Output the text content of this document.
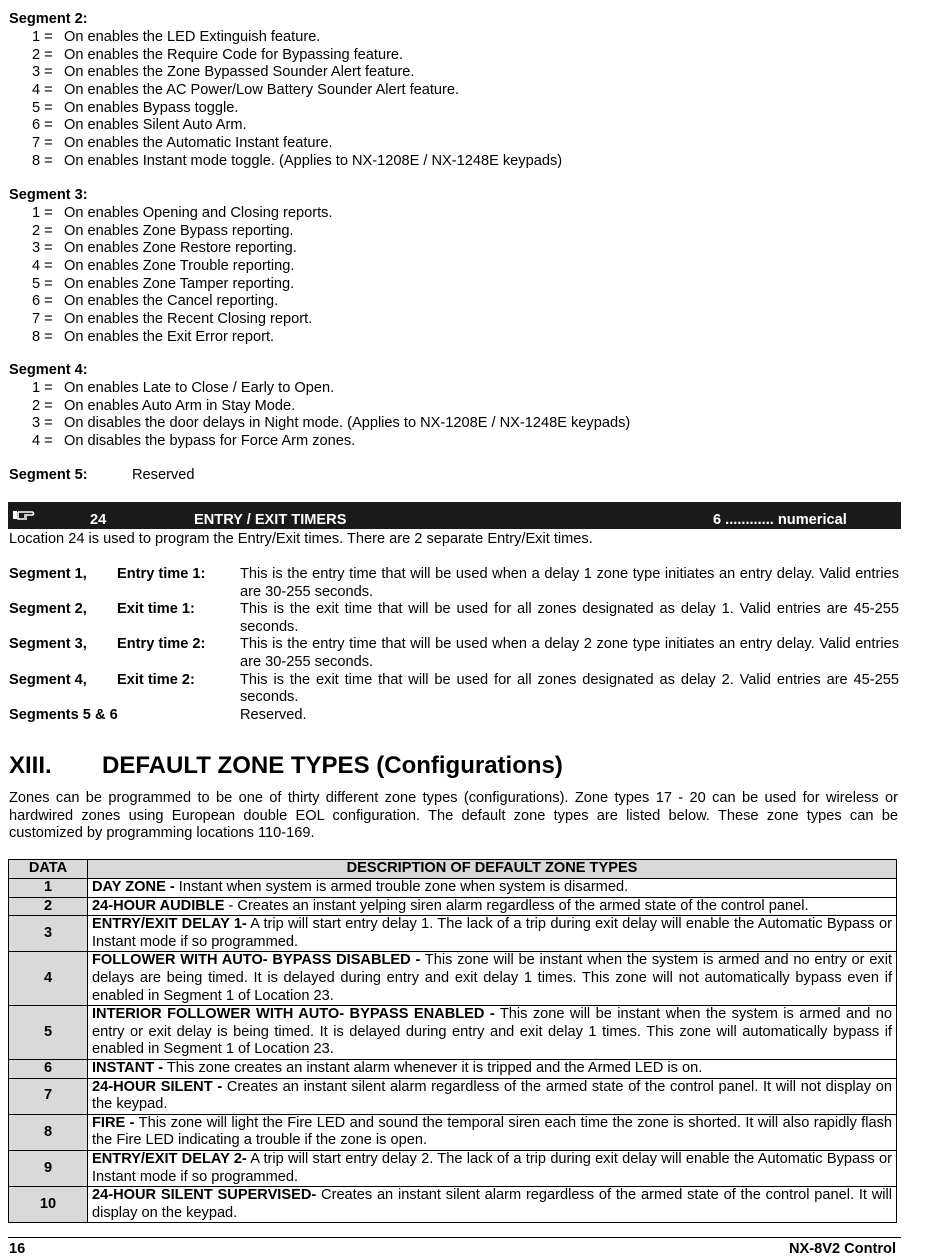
Segment 2:
1 = On enables the LED Extinguish feature.
2 = On enables the Require Code for Bypassing feature.
3 = On enables the Zone Bypassed Sounder Alert feature.
4 = On enables the AC Power/Low Battery Sounder Alert feature.
5 = On enables Bypass toggle.
6 = On enables Silent Auto Arm.
7 = On enables the Automatic Instant feature.
8 = On enables Instant mode toggle. (Applies to NX-1208E / NX-1248E keypads)
Segment 3:
1 = On enables Opening and Closing reports.
2 = On enables Zone Bypass reporting.
3 = On enables Zone Restore reporting.
4 = On enables Zone Trouble reporting.
5 = On enables Zone Tamper reporting.
6 = On enables the Cancel reporting.
7 = On enables the Recent Closing report.
8 = On enables the Exit Error report.
Segment 4:
1 = On enables Late to Close / Early to Open.
2 = On enables Auto Arm in Stay Mode.
3 = On disables the door delays in Night mode. (Applies to NX-1208E / NX-1248E keypads)
4 = On disables the bypass for Force Arm zones.
Segment 5:	Reserved
24	ENTRY / EXIT TIMERS	6 ............ numerical
Location 24 is used to program the Entry/Exit times. There are 2 separate Entry/Exit times.
Segment 1, Entry time 1: This is the entry time that will be used when a delay 1 zone type initiates an entry delay. Valid entries are 30-255 seconds.
Segment 2, Exit time 1:	This is the exit time that will be used for all zones designated as delay 1. Valid entries are 45-255 seconds.
Segment 3, Entry time 2: This is the entry time that will be used when a delay 2 zone type initiates an entry delay. Valid entries are 30-255 seconds.
Segment 4, Exit time 2:	This is the exit time that will be used for all zones designated as delay 2. Valid entries are 45-255 seconds.
Segments 5 & 6	Reserved.
XIII. DEFAULT ZONE TYPES (Configurations)
Zones can be programmed to be one of thirty different zone types (configurations). Zone types 17 - 20 can be used for wireless or hardwired zones using European double EOL configuration. The default zone types are listed below. These zone types can be customized by programming locations 110-169.
DATA	DESCRIPTION OF DEFAULT ZONE TYPES
1	DAY ZONE - Instant when system is armed trouble zone when system is disarmed.
2	24-HOUR AUDIBLE - Creates an instant yelping siren alarm regardless of the armed state of the control panel.
3	ENTRY/EXIT DELAY 1- A trip will start entry delay 1. The lack of a trip during exit delay will enable the Automatic Bypass or Instant mode if so programmed.
4	FOLLOWER WITH AUTO- BYPASS DISABLED - This zone will be instant when the system is armed and no entry or exit delays are being timed. It is delayed during entry and exit delay 1 times. This zone will not automatically bypass even if enabled in Segment 1 of Location 23.
5	INTERIOR FOLLOWER WITH AUTO- BYPASS ENABLED - This zone will be instant when the system is armed and no entry or exit delay is being timed. It is delayed during entry and exit delay 1 times. This zone will automatically bypass if enabled in Segment 1 of Location 23.
6	INSTANT - This zone creates an instant alarm whenever it is tripped and the Armed LED is on.
7	24-HOUR SILENT - Creates an instant silent alarm regardless of the armed state of the control panel. It will not display on the keypad.
8	FIRE - This zone will light the Fire LED and sound the temporal siren each time the zone is shorted. It will also rapidly flash the Fire LED indicating a trouble if the zone is open.
9	ENTRY/EXIT DELAY 2- A trip will start entry delay 2. The lack of a trip during exit delay will enable the Automatic Bypass or Instant mode if so programmed.
10	24-HOUR SILENT SUPERVISED- Creates an instant silent alarm regardless of the armed state of the control panel. It will display on the keypad.
16	NX-8V2 Control
